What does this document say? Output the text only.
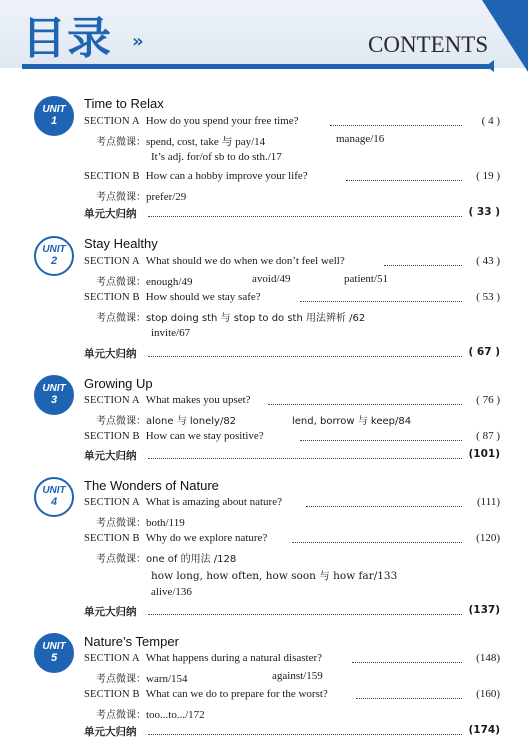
目录 »	CONTENTS
UNIT
1
Time to Relax
SECTION A How do you spend your free time?	( 4 )
考点微课：spend, cost, take 与 pay/14	manage/16
It’s adj. for/of sb to do sth./17
SECTION B How can a hobby improve your life?	( 19 )
考点微课：prefer/29
单元大归纳	( 33 )
UNIT
2
Stay Healthy
SECTION A What should we do when we don’t feel well?	( 43 )
考点微课：enough/49	avoid/49	patient/51
SECTION B How should we stay safe?	( 53 )
考点微课：stop doing sth 与 stop to do sth 用法辨析 /62
invite/67
单元大归纳	( 67 )
UNIT
3
Growing Up
SECTION A What makes you upset?	( 76 )
考点微课：alone 与 lonely/82	lend, borrow 与 keep/84
SECTION B How can we stay positive?	( 87 )
单元大归纳	(101)
UNIT
4
The Wonders of Nature
SECTION A What is amazing about nature?	(111)
考点微课：both/119
SECTION B Why do we explore nature?	(120)
考点微课：one of 的用法 /128
how long, how often, how soon 与 how far/133
alive/136
单元大归纳	(137)
UNIT
5
Nature’s Temper
SECTION A What happens during a natural disaster?	(148)
考点微课：warn/154	against/159
SECTION B What can we do to prepare for the worst?	(160)
考点微课：too...to.../172
单元大归纳	(174)
